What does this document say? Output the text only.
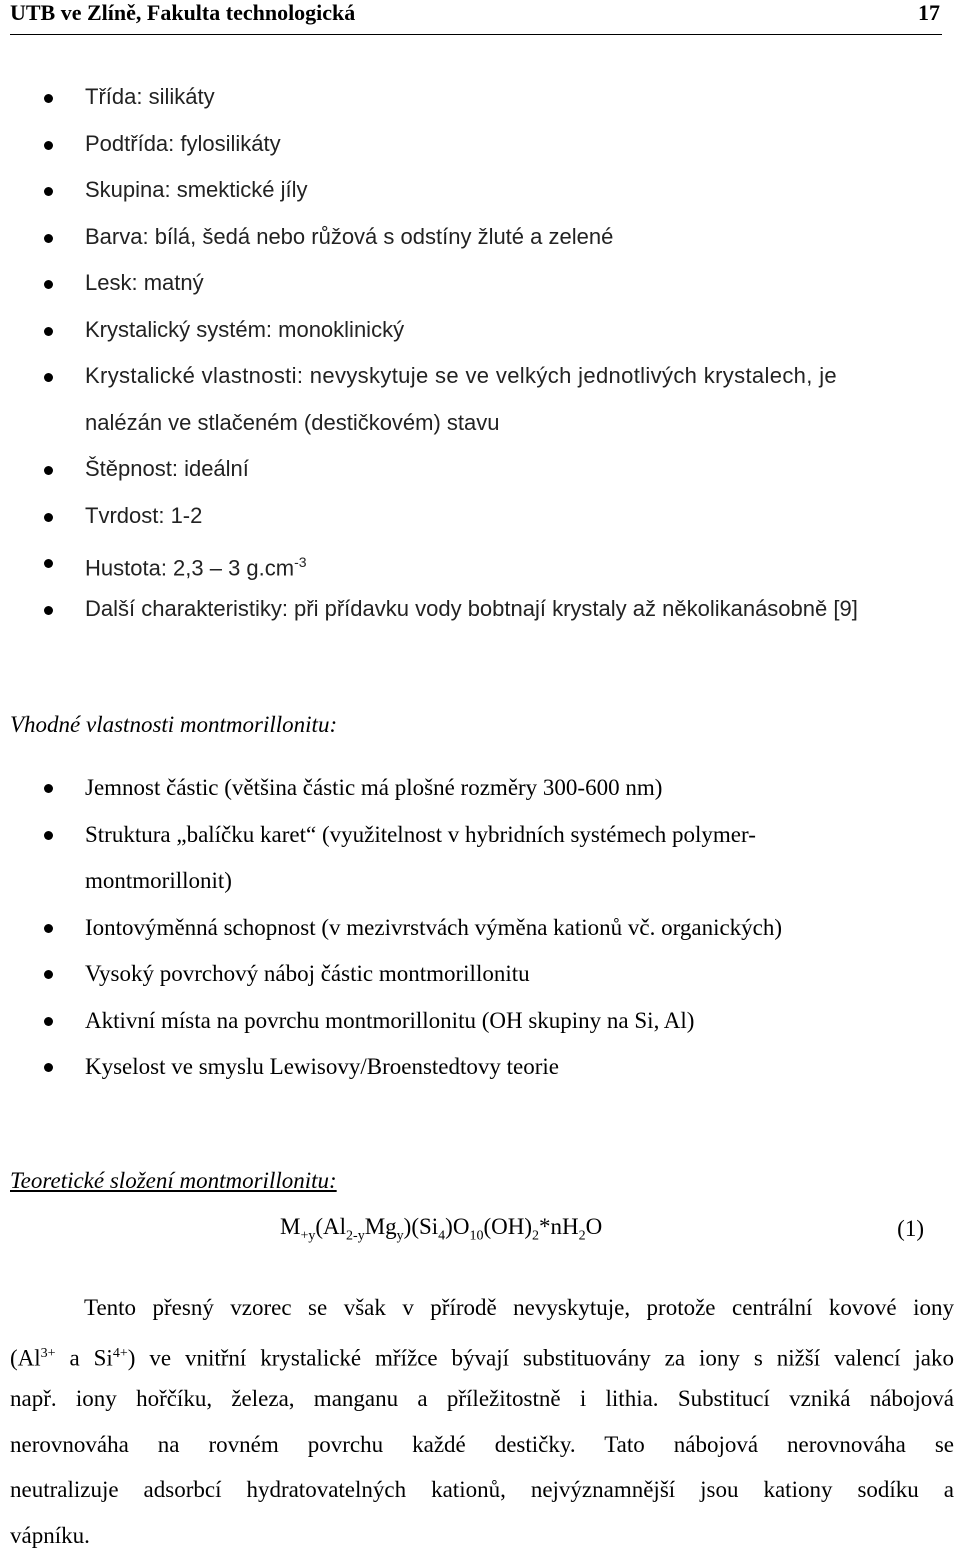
UTB ve Zlíně, Fakulta technologická	17
Třída: silikáty
Podtřída: fylosilikáty
Skupina: smektické jíly
Barva: bílá, šedá nebo růžová s odstíny žluté a zelené
Lesk: matný
Krystalický systém: monoklinický
Krystalické vlastnosti: nevyskytuje se ve velkých jednotlivých krystalech, je
nalézán ve stlačeném (destičkovém) stavu
Štěpnost: ideální
Tvrdost: 1-2
Hustota: 2,3 – 3 $g.cm^{-3}$
Další charakteristiky: při přídavku vody bobtnají krystaly až několikanásobně [9]
Vhodné vlastnosti montmorillonitu:
Jemnost částic (většina částic má plošné rozměry 300-600 nm)
Struktura „balíčku karet“ (využitelnost v hybridních systémech polymer-
montmorillonit)
Iontovýměnná schopnost (v mezivrstvách výměna kationů vč. organických)
Vysoký povrchový náboj částic montmorillonitu
Aktivní místa na povrchu montmorillonitu (OH skupiny na Si, Al)
Kyselost ve smyslu Lewisovy/Broenstedtovy teorie
Teoretické složení montmorillonitu:
$M_{+y}(Al_{2-y}Mg_y)(Si_4)O_{10}(OH)_2*nH_2O$	(1)
Tento přesný vzorec se však v přírodě nevyskytuje, protože centrální kovové iony
($Al^{3+}$ a $Si^{4+}$) ve vnitřní krystalické mřížce bývají substituovány za iony s nižší valencí jako
např. iony hořčíku, železa, manganu a příležitostně i lithia. Substitucí vzniká nábojová
nerovnováha na rovném povrchu každé destičky. Tato nábojová nerovnováha se
neutralizuje adsorbcí hydratovatelných kationů, nejvýznamnější jsou kationy sodíku a
vápníku.
